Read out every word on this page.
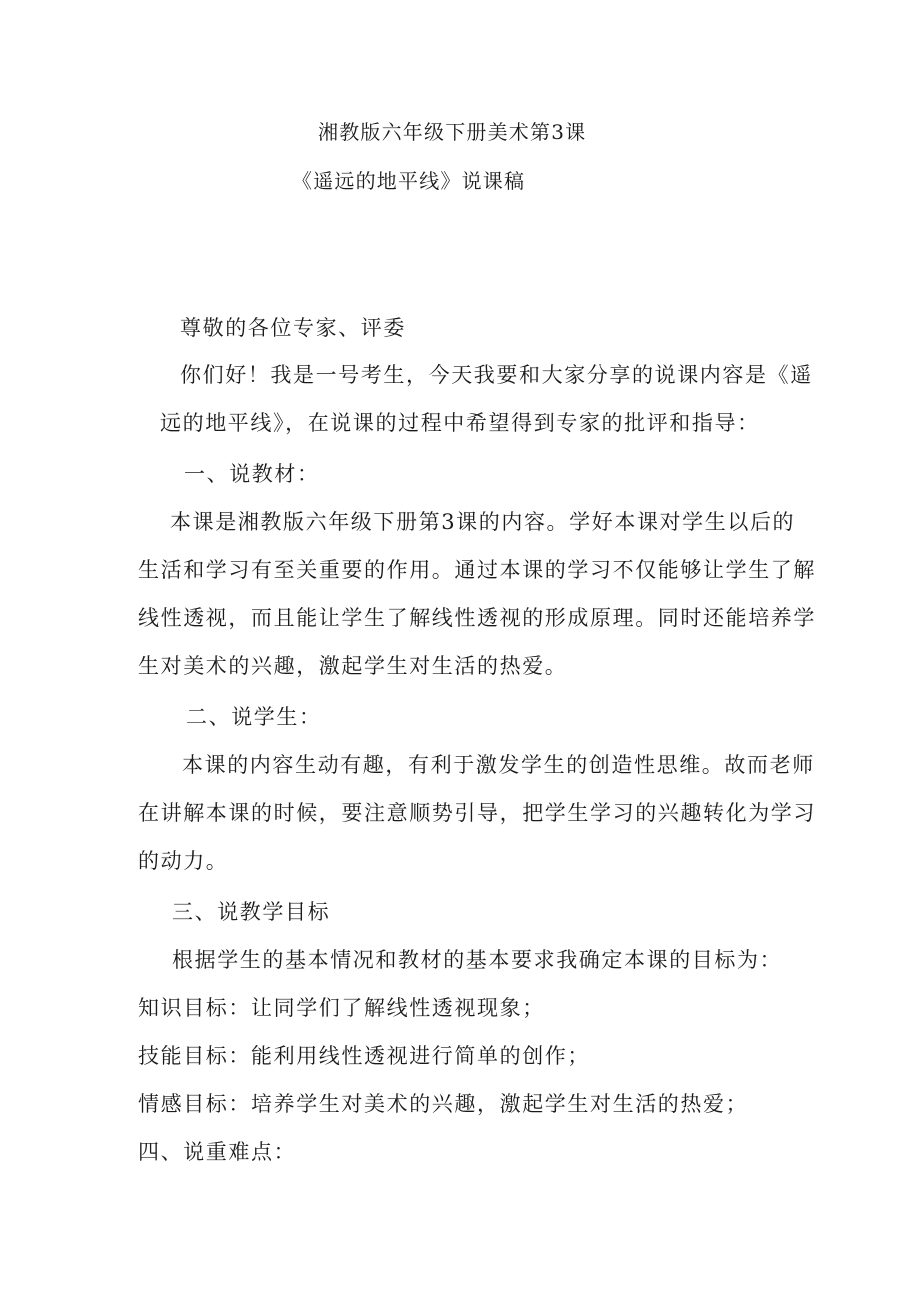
湘教版六年级下册美术第3课
《遥远的地平线》说课稿
尊敬的各位专家、评委
你们好！我是一号考生，今天我要和大家分享的说课内容是《遥
远的地平线》，在说课的过程中希望得到专家的批评和指导：
一、说教材：
本课是湘教版六年级下册第3课的内容。学好本课对学生以后的
生活和学习有至关重要的作用。通过本课的学习不仅能够让学生了解
线性透视，而且能让学生了解线性透视的形成原理。同时还能培养学
生对美术的兴趣，激起学生对生活的热爱。
二、说学生：
本课的内容生动有趣，有利于激发学生的创造性思维。故而老师
在讲解本课的时候，要注意顺势引导，把学生学习的兴趣转化为学习
的动力。
三、说教学目标
根据学生的基本情况和教材的基本要求我确定本课的目标为：
知识目标：让同学们了解线性透视现象；
技能目标：能利用线性透视进行简单的创作；
情感目标：培养学生对美术的兴趣，激起学生对生活的热爱；
四、说重难点：
